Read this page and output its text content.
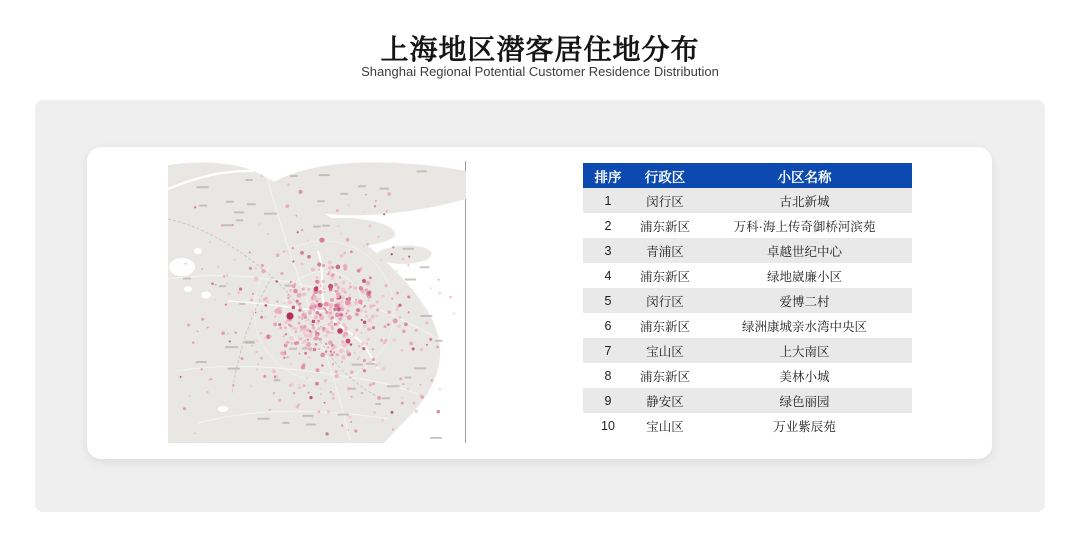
上海地区潜客居住地分布
Shanghai Regional Potential Customer Residence Distribution
排序	行政区	小区名称
1	闵行区	古北新城
2	浦东新区	万科·海上传奇御桥河滨苑
3	青浦区	卓越世纪中心
4	浦东新区	绿地崴廉小区
5	闵行区	爱博二村
6	浦东新区	绿洲康城亲水湾中央区
7	宝山区	上大南区
8	浦东新区	美林小城
9	静安区	绿色丽园
10	宝山区	万业紫辰苑
